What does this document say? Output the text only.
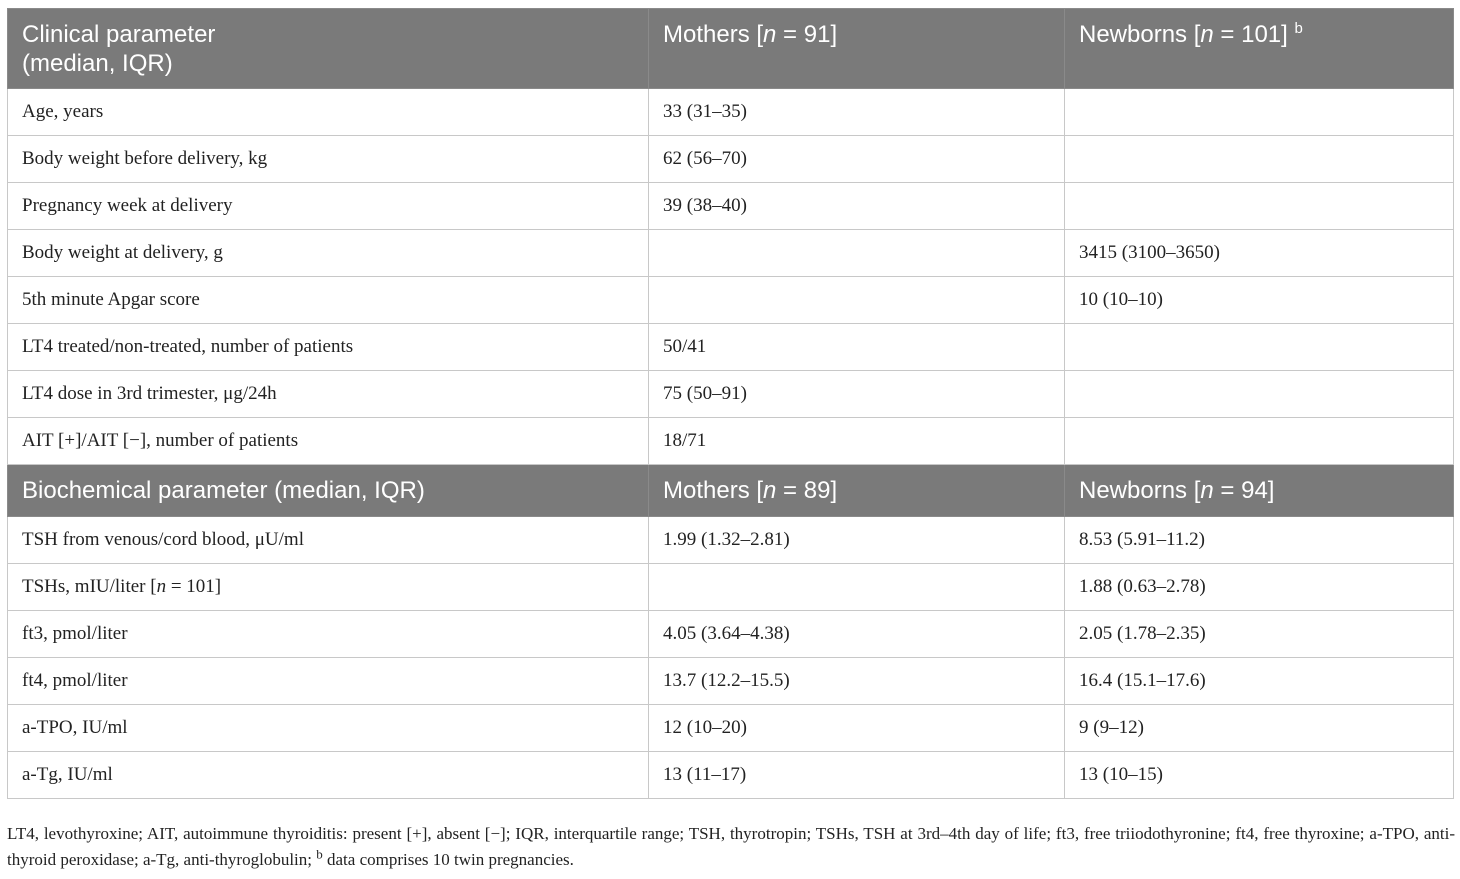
Clinical parameter
(median, IQR)	Mothers [n = 91]	Newborns [n = 101] $^b$
Age, years	33 (31–35)	
Body weight before delivery, kg	62 (56–70)	
Pregnancy week at delivery	39 (38–40)	
Body weight at delivery, g		3415 (3100–3650)
5th minute Apgar score		10 (10–10)
LT4 treated/non-treated, number of patients	50/41	
LT4 dose in 3rd trimester, μg/24h	75 (50–91)	
AIT [+]/AIT [−], number of patients	18/71	
Biochemical parameter (median, IQR)	Mothers [n = 89]	Newborns [n = 94]
TSH from venous/cord blood, μU/ml	1.99 (1.32–2.81)	8.53 (5.91–11.2)
TSHs, mIU/liter [n = 101]		1.88 (0.63–2.78)
ft3, pmol/liter	4.05 (3.64–4.38)	2.05 (1.78–2.35)
ft4, pmol/liter	13.7 (12.2–15.5)	16.4 (15.1–17.6)
a-TPO, IU/ml	12 (10–20)	9 (9–12)
a-Tg, IU/ml	13 (11–17)	13 (10–15)
LT4, levothyroxine; AIT, autoimmune thyroiditis: present [+], absent [−]; IQR, interquartile range; TSH, thyrotropin; TSHs, TSH at 3rd–4th day of life; ft3, free triiodothyronine; ft4, free thyroxine; a-TPO, anti-thyroid peroxidase; a-Tg, anti-thyroglobulin; $^b$ data comprises 10 twin pregnancies.
